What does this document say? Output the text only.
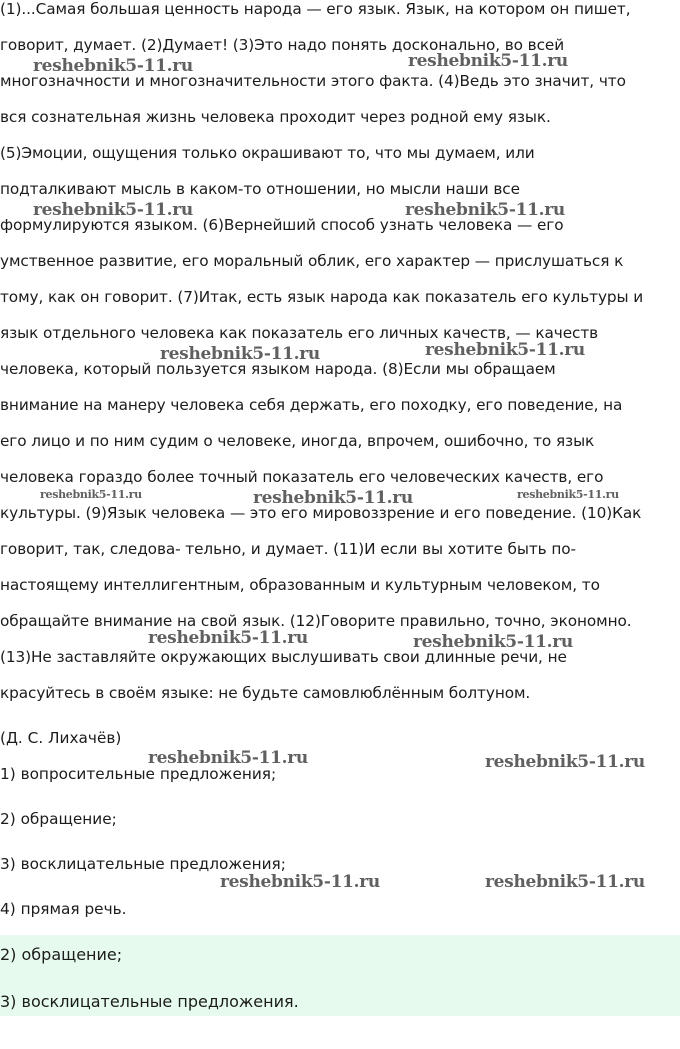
(1)...Самая большая ценность народа — его язык. Язык, на котором он пишет,
говорит, думает. (2)Думает! (3)Это надо понять досконально, во всей
многозначности и многозначительности этого факта. (4)Ведь это значит, что
вся сознательная жизнь человека проходит через родной ему язык.
(5)Эмоции, ощущения только окрашивают то, что мы думаем, или
подталкивают мысль в каком-то отношении, но мысли наши все
формулируются языком. (6)Вернейший способ узнать человека — его
умственное развитие, его моральный облик, его характер — прислушаться к
тому, как он говорит. (7)Итак, есть язык народа как показатель его культуры и
язык отдельного человека как показатель его личных качеств, — качеств
человека, который пользуется языком народа. (8)Если мы обращаем
внимание на манеру человека себя держать, его походку, его поведение, на
его лицо и по ним судим о человеке, иногда, впрочем, ошибочно, то язык
человека гораздо более точный показатель его человеческих качеств, его
культуры. (9)Язык человека — это его мировоззрение и его поведение. (10)Как
говорит, так, следова- тельно, и думает. (11)И если вы хотите быть по-
настоящему интеллигентным, образованным и культурным человеком, то
обращайте внимание на свой язык. (12)Говорите правильно, точно, экономно.
(13)Не заставляйте окружающих выслушивать свои длинные речи, не
красуйтесь в своём языке: не будьте самовлюблённым болтуном.
(Д. С. Лихачёв)
1) вопросительные предложения;
2) обращение;
3) восклицательные предложения;
4) прямая речь.
2) обращение;
3) восклицательные предложения.
reshebnik5-11.ru	reshebnik5-11.ru
reshebnik5-11.ru	reshebnik5-11.ru
reshebnik5-11.ru	reshebnik5-11.ru
reshebnik5-11.ru	reshebnik5-11.ru	reshebnik5-11.ru
reshebnik5-11.ru	reshebnik5-11.ru
reshebnik5-11.ru	reshebnik5-11.ru
reshebnik5-11.ru	reshebnik5-11.ru
